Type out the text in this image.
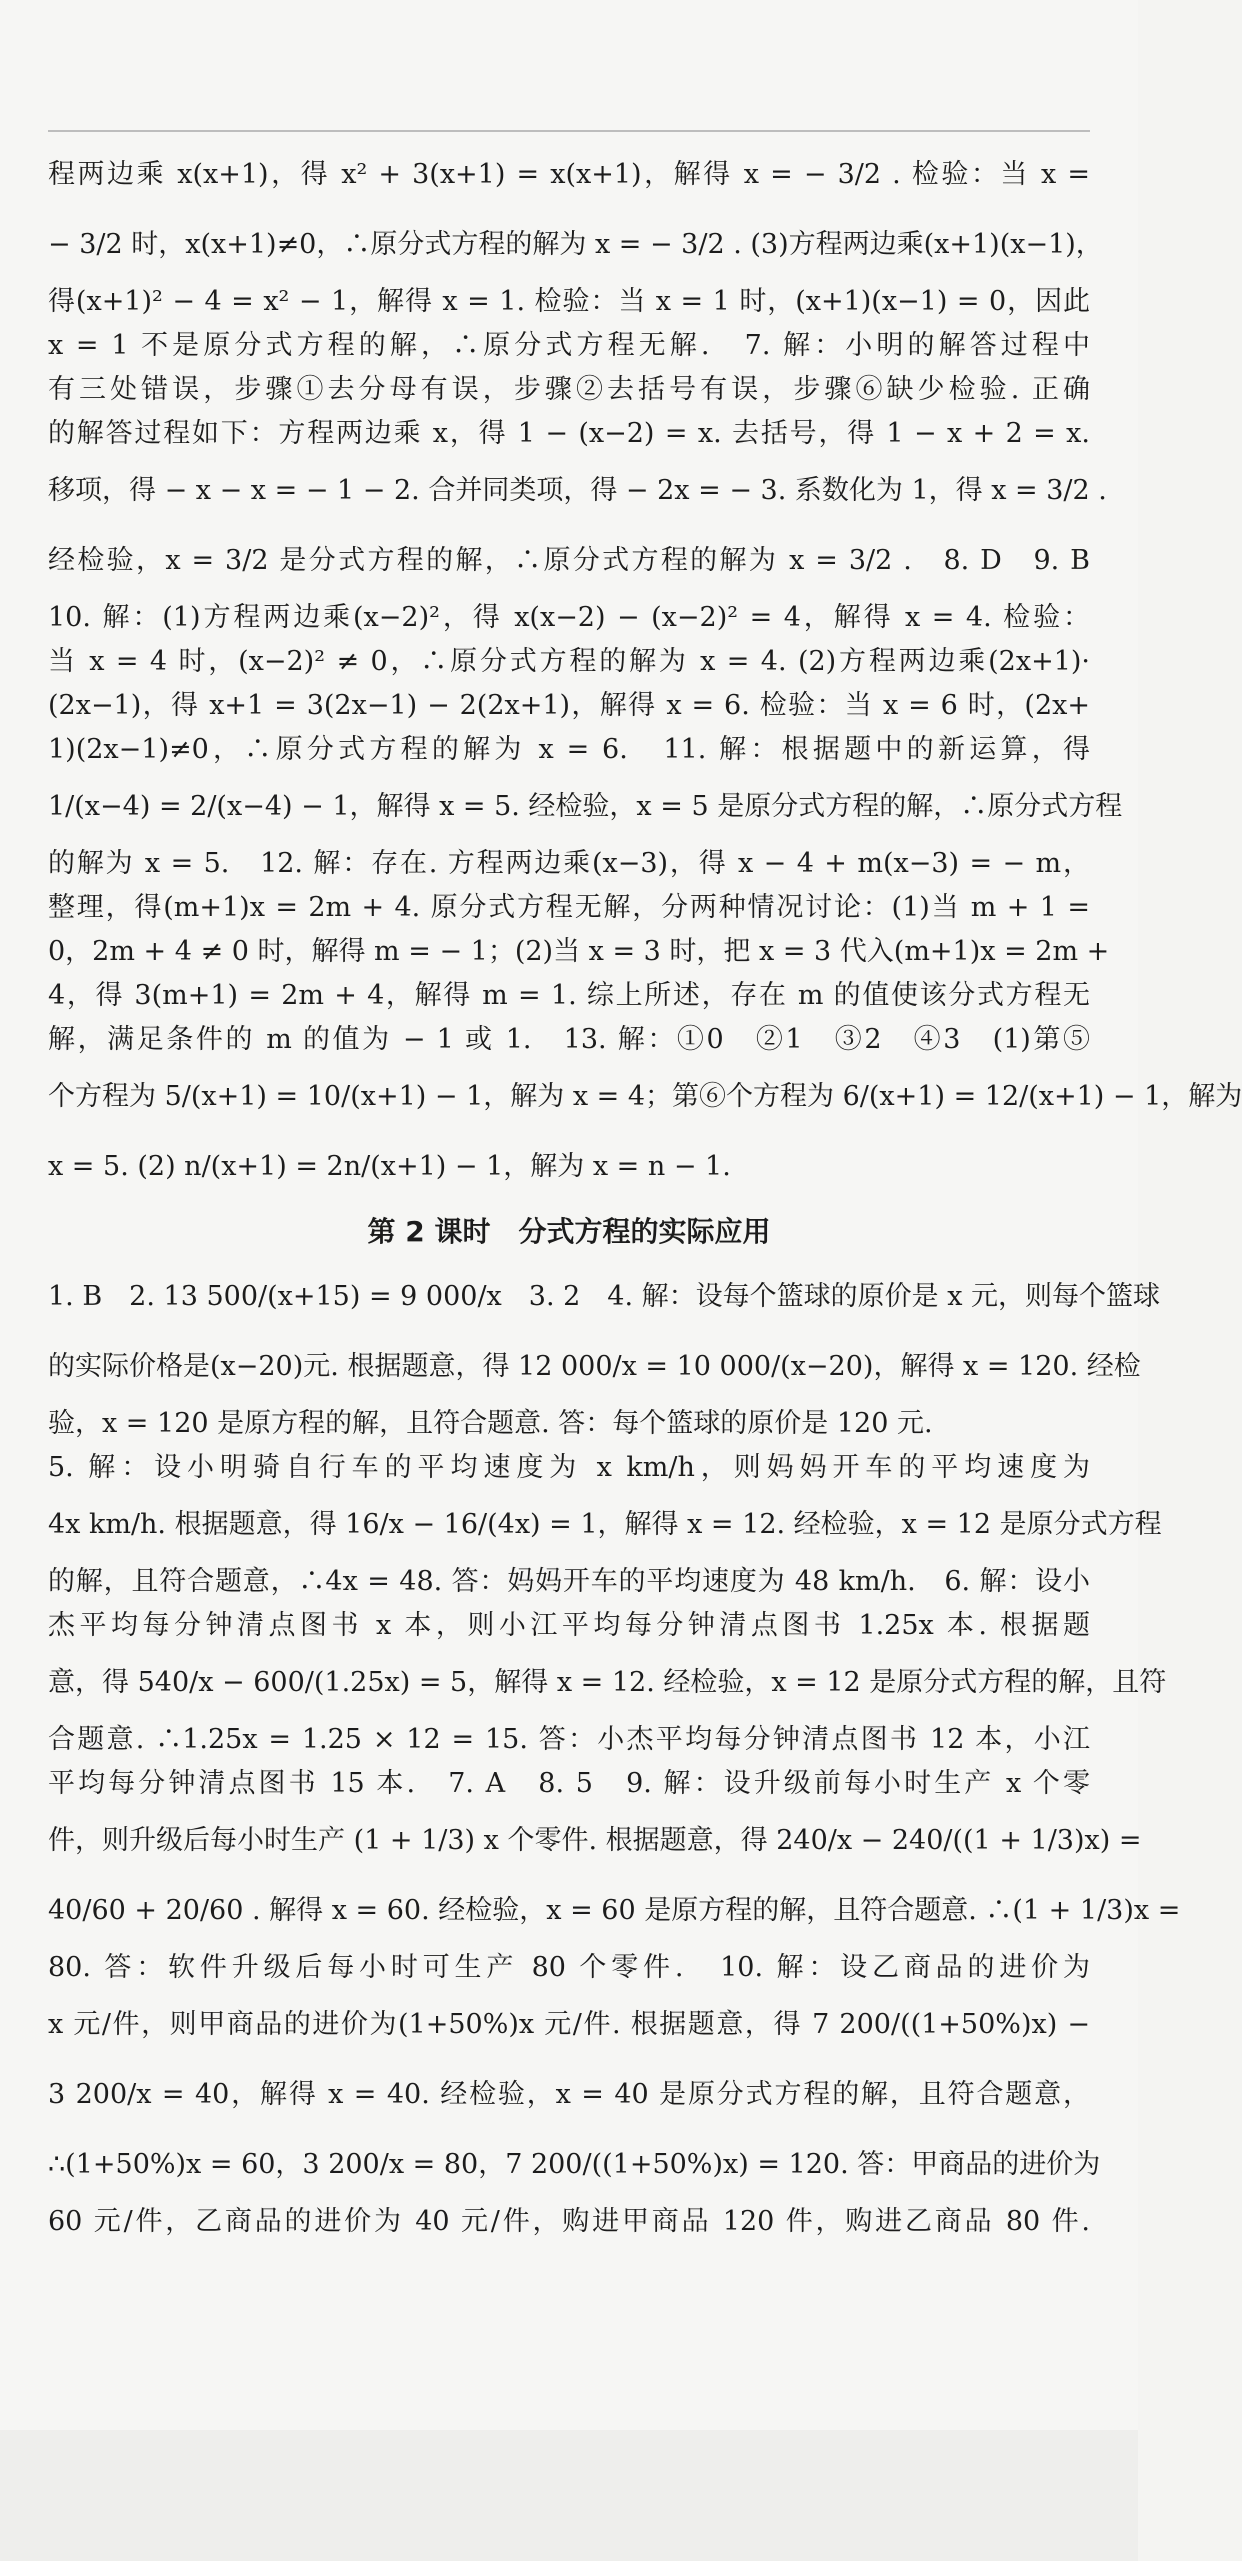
程两边乘 x(x+1)，得 x² + 3(x+1) = x(x+1)，解得 x = − 3/2 . 检验：当 x =
− 3/2 时，x(x+1)≠0，∴原分式方程的解为 x = − 3/2 . (3)方程两边乘(x+1)(x−1)，
得(x+1)² − 4 = x² − 1，解得 x = 1. 检验：当 x = 1 时，(x+1)(x−1) = 0，因此
x = 1 不是原分式方程的解，∴原分式方程无解.　7. 解：小明的解答过程中
有三处错误，步骤①去分母有误，步骤②去括号有误，步骤⑥缺少检验. 正确
的解答过程如下：方程两边乘 x，得 1 − (x−2) = x. 去括号，得 1 − x + 2 = x.
移项，得 − x − x = − 1 − 2. 合并同类项，得 − 2x = − 3. 系数化为 1，得 x = 3/2 .
经检验，x = 3/2 是分式方程的解，∴原分式方程的解为 x = 3/2 .　8. D　9. B
10. 解：(1)方程两边乘(x−2)²，得 x(x−2) − (x−2)² = 4，解得 x = 4. 检验：
当 x = 4 时，(x−2)² ≠ 0，∴原分式方程的解为 x = 4. (2)方程两边乘(2x+1)·
(2x−1)，得 x+1 = 3(2x−1) − 2(2x+1)，解得 x = 6. 检验：当 x = 6 时，(2x+
1)(2x−1)≠0，∴原分式方程的解为 x = 6.　11. 解：根据题中的新运算，得
1/(x−4) = 2/(x−4) − 1，解得 x = 5. 经检验，x = 5 是原分式方程的解，∴原分式方程
的解为 x = 5.　12. 解：存在. 方程两边乘(x−3)，得 x − 4 + m(x−3) = − m，
整理，得(m+1)x = 2m + 4. 原分式方程无解，分两种情况讨论：(1)当 m + 1 =
0，2m + 4 ≠ 0 时，解得 m = − 1；(2)当 x = 3 时，把 x = 3 代入(m+1)x = 2m +
4，得 3(m+1) = 2m + 4，解得 m = 1. 综上所述，存在 m 的值使该分式方程无
解，满足条件的 m 的值为 − 1 或 1.　13. 解：①0　②1　③2　④3　(1)第⑤
个方程为 5/(x+1) = 10/(x+1) − 1，解为 x = 4；第⑥个方程为 6/(x+1) = 12/(x+1) − 1，解为
x = 5. (2) n/(x+1) = 2n/(x+1) − 1，解为 x = n − 1.
第 2 课时　分式方程的实际应用
1. B　2. 13 500/(x+15) = 9 000/x　3. 2　4. 解：设每个篮球的原价是 x 元，则每个篮球
的实际价格是(x−20)元. 根据题意，得 12 000/x = 10 000/(x−20)，解得 x = 120. 经检
验，x = 120 是原方程的解，且符合题意. 答：每个篮球的原价是 120 元.
5. 解：设小明骑自行车的平均速度为 x km/h，则妈妈开车的平均速度为
4x km/h. 根据题意，得 16/x − 16/(4x) = 1，解得 x = 12. 经检验，x = 12 是原分式方程
的解，且符合题意，∴4x = 48. 答：妈妈开车的平均速度为 48 km/h.　6. 解：设小
杰平均每分钟清点图书 x 本，则小江平均每分钟清点图书 1.25x 本. 根据题
意，得 540/x − 600/(1.25x) = 5，解得 x = 12. 经检验，x = 12 是原分式方程的解，且符
合题意. ∴1.25x = 1.25 × 12 = 15. 答：小杰平均每分钟清点图书 12 本，小江
平均每分钟清点图书 15 本.　7. A　8. 5　9. 解：设升级前每小时生产 x 个零
件，则升级后每小时生产 (1 + 1/3) x 个零件. 根据题意，得 240/x − 240/((1 + 1/3)x) =
40/60 + 20/60 . 解得 x = 60. 经检验，x = 60 是原方程的解，且符合题意. ∴(1 + 1/3)x =
80. 答：软件升级后每小时可生产 80 个零件.　10. 解：设乙商品的进价为
x 元/件，则甲商品的进价为(1+50%)x 元/件. 根据题意，得 7 200/((1+50%)x) −
3 200/x = 40，解得 x = 40. 经检验，x = 40 是原分式方程的解，且符合题意，
∴(1+50%)x = 60，3 200/x = 80，7 200/((1+50%)x) = 120. 答：甲商品的进价为
60 元/件，乙商品的进价为 40 元/件，购进甲商品 120 件，购进乙商品 80 件.
